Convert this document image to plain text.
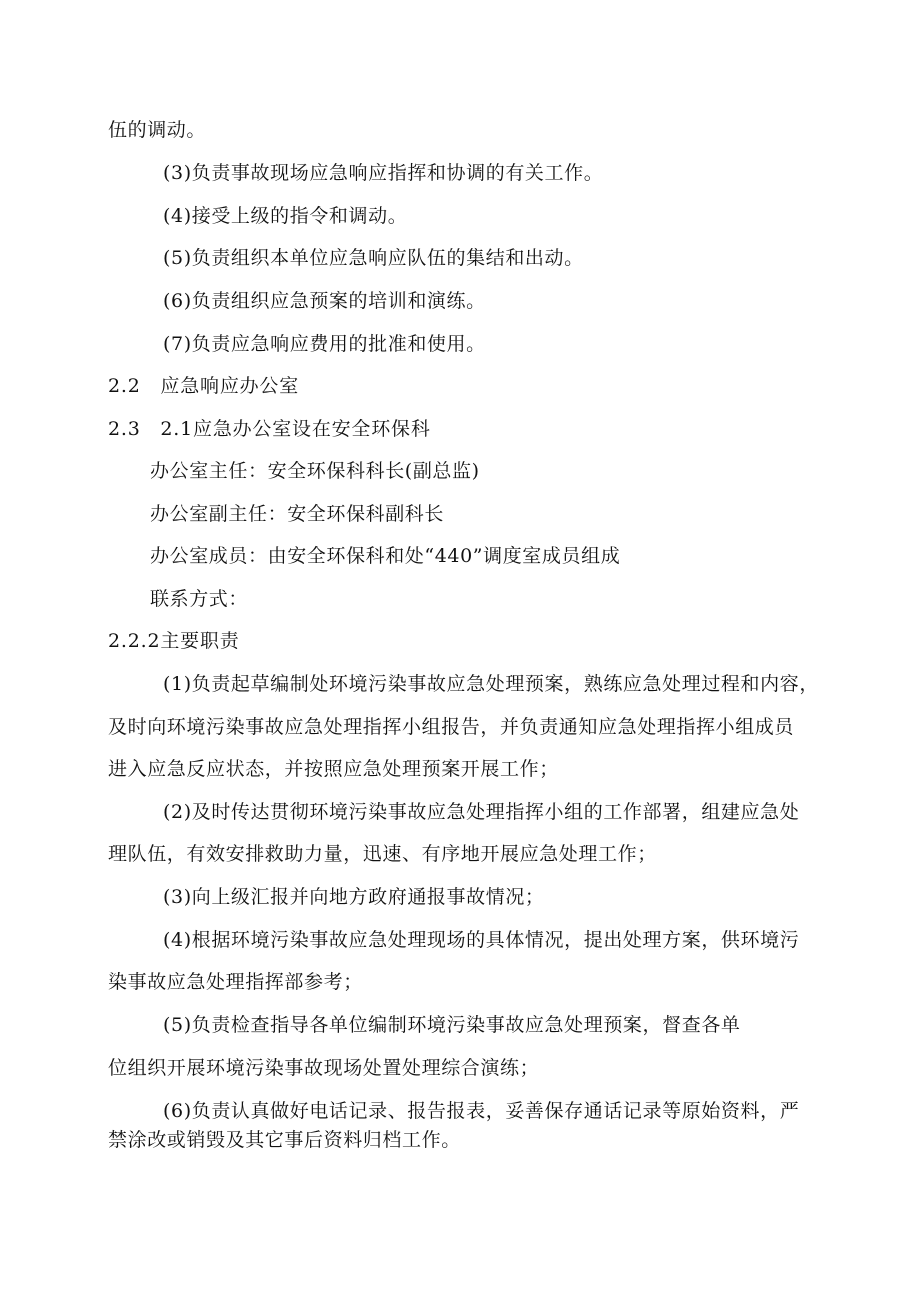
伍的调动。
(3)负责事故现场应急响应指挥和协调的有关工作。
(4)接受上级的指令和调动。
(5)负责组织本单位应急响应队伍的集结和出动。
(6)负责组织应急预案的培训和演练。
(7)负责应急响应费用的批准和使用。
2.2　应急响应办公室
2.3　2.1应急办公室设在安全环保科
办公室主任：安全环保科科长(副总监)
办公室副主任：安全环保科副科长
办公室成员：由安全环保科和处“440”调度室成员组成
联系方式：
2.2.2主要职责
(1)负责起草编制处环境污染事故应急处理预案，熟练应急处理过程和内容，
及时向环境污染事故应急处理指挥小组报告，并负责通知应急处理指挥小组成员
进入应急反应状态，并按照应急处理预案开展工作；
(2)及时传达贯彻环境污染事故应急处理指挥小组的工作部署，组建应急处
理队伍，有效安排救助力量，迅速、有序地开展应急处理工作；
(3)向上级汇报并向地方政府通报事故情况；
(4)根据环境污染事故应急处理现场的具体情况，提出处理方案，供环境污
染事故应急处理指挥部参考；
(5)负责检查指导各单位编制环境污染事故应急处理预案，督查各单
位组织开展环境污染事故现场处置处理综合演练；
(6)负责认真做好电话记录、报告报表，妥善保存通话记录等原始资料，严
禁涂改或销毁及其它事后资料归档工作。
